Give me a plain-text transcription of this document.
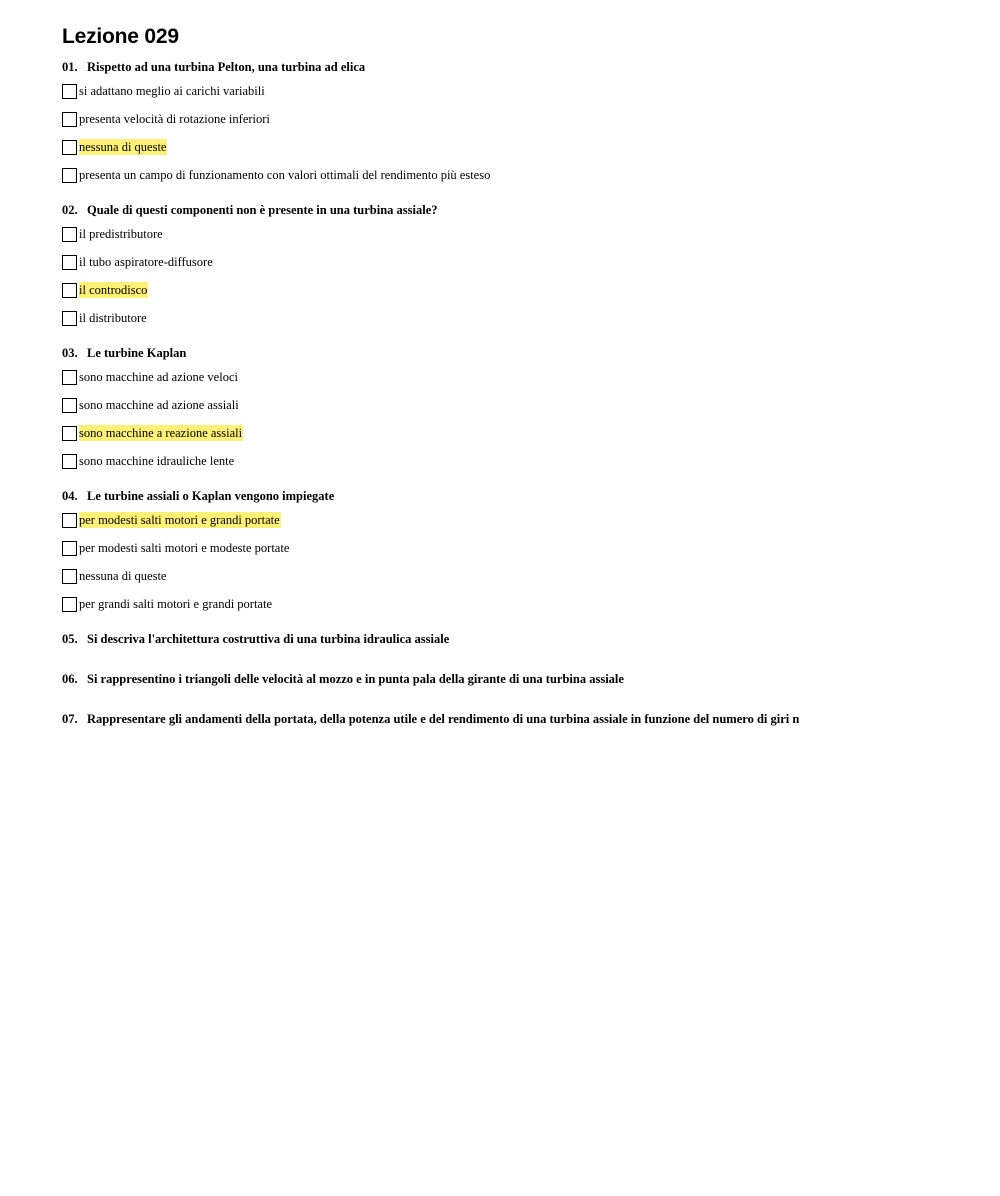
Lezione 029
01. Rispetto ad una turbina Pelton, una turbina ad elica
si adattano meglio ai carichi variabili
presenta velocità di rotazione inferiori
nessuna di queste
presenta un campo di funzionamento con valori ottimali del rendimento più esteso
02. Quale di questi componenti non è presente in una turbina assiale?
il predistributore
il tubo aspiratore-diffusore
il controdisco
il distributore
03. Le turbine Kaplan
sono macchine ad azione veloci
sono macchine ad azione assiali
sono macchine a reazione assiali
sono macchine idrauliche lente
04. Le turbine assiali o Kaplan vengono impiegate
per modesti salti motori e grandi portate
per modesti salti motori e modeste portate
nessuna di queste
per grandi salti motori e grandi portate
05. Si descriva l'architettura costruttiva di una turbina idraulica assiale
06. Si rappresentino i triangoli delle velocità al mozzo e in punta pala della girante di una turbina assiale
07. Rappresentare gli andamenti della portata, della potenza utile e del rendimento di una turbina assiale in funzione del numero di giri n
